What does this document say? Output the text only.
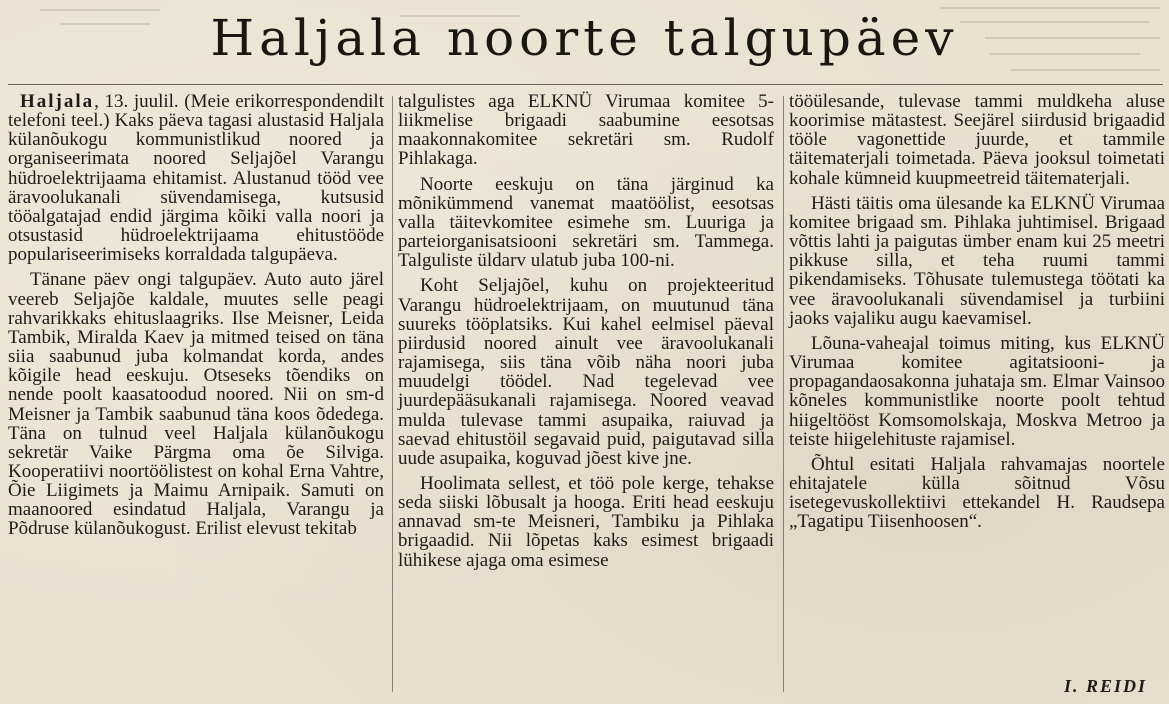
Haljala noorte talgupäev

Haljala, 13. juulil. (Meie erikorrespondendilt telefoni teel.) Kaks päeva tagasi alustasid Haljala külanõukogu kommunistlikud noored ja organiseerimata noored Seljajõel Varangu hüdroelektrijaama ehitamist. Alustanud tööd vee äravoolukanali süvendamisega, kutsusid tööalgatajad endid järgima kõiki valla noori ja otsustasid hüdroelektrijaama ehitustööde populariseerimiseks korraldada talgupäeva.

Tänane päev ongi talgupäev. Auto auto järel veereb Seljajõe kaldale, muutes selle peagi rahvarikkaks ehituslaagriks. Ilse Meisner, Leida Tambik, Miralda Kaev ja mitmed teised on täna siia saabunud juba kolmandat korda, andes kõigile head eeskuju. Otseseks tõendiks on nende poolt kaasatoodud noored. Nii on sm-d Meisner ja Tambik saabunud täna koos õdedega. Täna on tulnud veel Haljala külanõukogu sekretär Vaike Pärgma oma õe Silviga. Kooperatiivi noortöölistest on kohal Erna Vahtre, Õie Liigimets ja Maimu Arnipaik. Samuti on maanoored esindatud Haljala, Varangu ja Põdruse külanõukogust. Erilist elevust tekitab

talgulistes aga ELKNÜ Virumaa komitee 5-liikmelise brigaadi saabumine eesotsas maakonnakomitee sekretäri sm. Rudolf Pihlakaga.

Noorte eeskuju on täna järginud ka mõnikümmend vanemat maatöölist, eesotsas valla täitevkomitee esimehe sm. Luuriga ja parteiorganisatsiooni sekretäri sm. Tammega. Talguliste üldarv ulatub juba 100-ni.

Koht Seljajõel, kuhu on projekteeritud Varangu hüdroelektrijaam, on muutunud täna suureks tööplatsiks. Kui kahel eelmisel päeval piirdusid noored ainult vee äravoolukanali rajamisega, siis täna võib näha noori juba muudelgi töödel. Nad tegelevad vee juurdepääsukanali rajamisega. Noored veavad mulda tulevase tammi asupaika, raiuvad ja saevad ehitustöil segavaid puid, paigutavad silla uude asupaika, koguvad jõest kive jne.

Hoolimata sellest, et töö pole kerge, tehakse seda siiski lõbusalt ja hooga. Eriti head eeskuju annavad sm-te Meisneri, Tambiku ja Pihlaka brigaadid. Nii lõpetas kaks esimest brigaadi lühikese ajaga oma esimese

tööülesande, tulevase tammi muldkeha aluse koorimise mätastest. Seejärel siirdusid brigaadid tööle vagonettide juurde, et tammile täitematerjali toimetada. Päeva jooksul toimetati kohale kümneid kuupmeetreid täitematerjali.

Hästi täitis oma ülesande ka ELKNÜ Virumaa komitee brigaad sm. Pihlaka juhtimisel. Brigaad võttis lahti ja paigutas ümber enam kui 25 meetri pikkuse silla, et teha ruumi tammi pikendamiseks. Tõhusate tulemustega töötati ka vee äravoolukanali süvendamisel ja turbiini jaoks vajaliku augu kaevamisel.

Lõuna-vaheajal toimus miting, kus ELKNÜ Virumaa komitee agitatsiooni- ja propagandaosakonna juhataja sm. Elmar Vainsoo kõneles kommunistlike noorte poolt tehtud hiigeltööst Komsomolskaja, Moskva Metroo ja teiste hiigelehituste rajamisel.

Õhtul esitati Haljala rahvamajas noortele ehitajatele külla sõitnud Võsu isetegevuskollektiivi ettekandel H. Raudsepa „Tagatipu Tiisenhoosen“.

I. REIDI
